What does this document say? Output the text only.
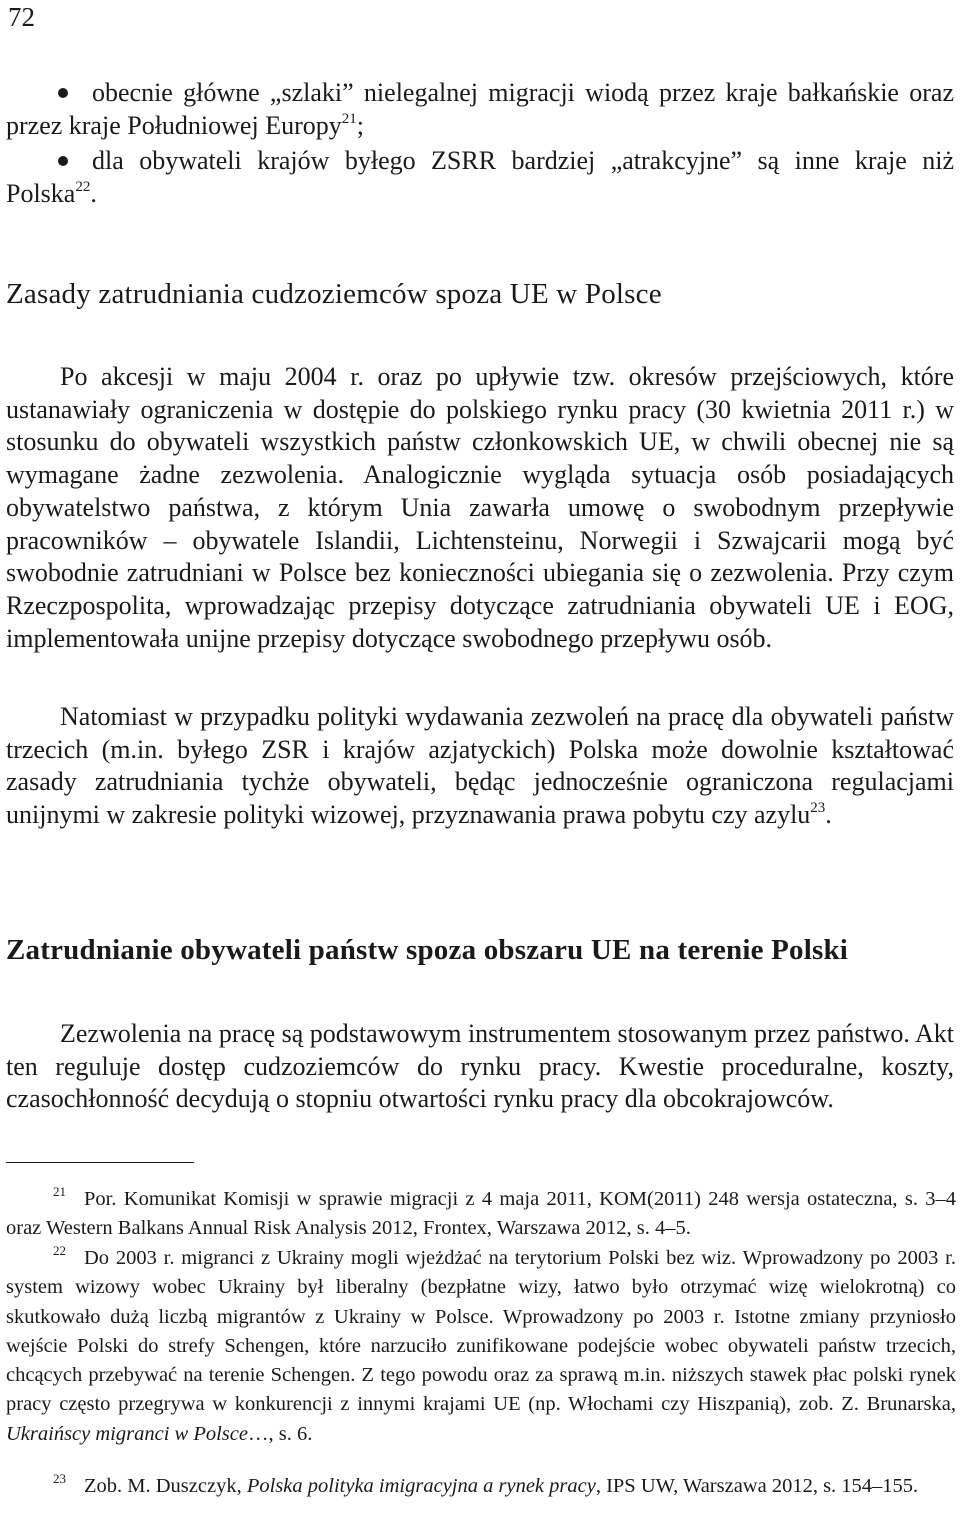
72
obecnie główne „szlaki” nielegalnej migracji wiodą przez kraje bałkańskie oraz przez kraje Południowej Europy$^{21}$;
dla obywateli krajów byłego ZSRR bardziej „atrakcyjne” są inne kraje niż Polska$^{22}$.
Zasady zatrudniania cudzoziemców spoza UE w Polsce

Po akcesji w maju 2004 r. oraz po upływie tzw. okresów przejściowych, które ustanawiały ograniczenia w dostępie do polskiego rynku pracy (30 kwietnia 2011 r.) w stosunku do obywateli wszystkich państw członkowskich UE, w chwili obecnej nie są wymagane żadne zezwolenia. Analogicznie wygląda sytuacja osób posiadających obywatelstwo państwa, z którym Unia zawarła umowę o swobodnym przepływie pracowników – obywatele Islandii, Lichtensteinu, Norwegii i Szwajcarii mogą być swobodnie zatrudniani w Polsce bez konieczności ubiegania się o zezwolenia. Przy czym Rzeczpospolita, wprowadzając przepisy dotyczące zatrudniania obywateli UE i EOG, implementowała unijne przepisy dotyczące swobodnego przepływu osób.

Natomiast w przypadku polityki wydawania zezwoleń na pracę dla obywateli państw trzecich (m.in. byłego ZSR i krajów azjatyckich) Polska może dowolnie kształtować zasady zatrudniania tychże obywateli, będąc jednocześnie ograniczona regulacjami unijnymi w zakresie polityki wizowej, przyznawania prawa pobytu czy azylu$^{23}$.

Zatrudnianie obywateli państw spoza obszaru UE na terenie Polski

Zezwolenia na pracę są podstawowym instrumentem stosowanym przez państwo. Akt ten reguluje dostęp cudzoziemców do rynku pracy. Kwestie proceduralne, koszty, czasochłonność decydują o stopniu otwartości rynku pracy dla obcokrajowców.

$^{21}$ Por. Komunikat Komisji w sprawie migracji z 4 maja 2011, KOM(2011) 248 wersja ostateczna, s. 3–4 oraz Western Balkans Annual Risk Analysis 2012, Frontex, Warszawa 2012, s. 4–5.

$^{22}$ Do 2003 r. migranci z Ukrainy mogli wjeżdżać na terytorium Polski bez wiz. Wprowadzony po 2003 r. system wizowy wobec Ukrainy był liberalny (bezpłatne wizy, łatwo było otrzymać wizę wielokrotną) co skutkowało dużą liczbą migrantów z Ukrainy w Polsce. Wprowadzony po 2003 r. Istotne zmiany przyniosło wejście Polski do strefy Schengen, które narzuciło zunifikowane podejście wobec obywateli państw trzecich, chcących przebywać na terenie Schengen. Z tego powodu oraz za sprawą m.in. niższych stawek płac polski rynek pracy często przegrywa w konkurencji z innymi krajami UE (np. Włochami czy Hiszpanią), zob. Z. Brunarska, Ukraińscy migranci w Polsce…, s. 6.

$^{23}$ Zob. M. Duszczyk, Polska polityka imigracyjna a rynek pracy, IPS UW, Warszawa 2012, s. 154–155.
